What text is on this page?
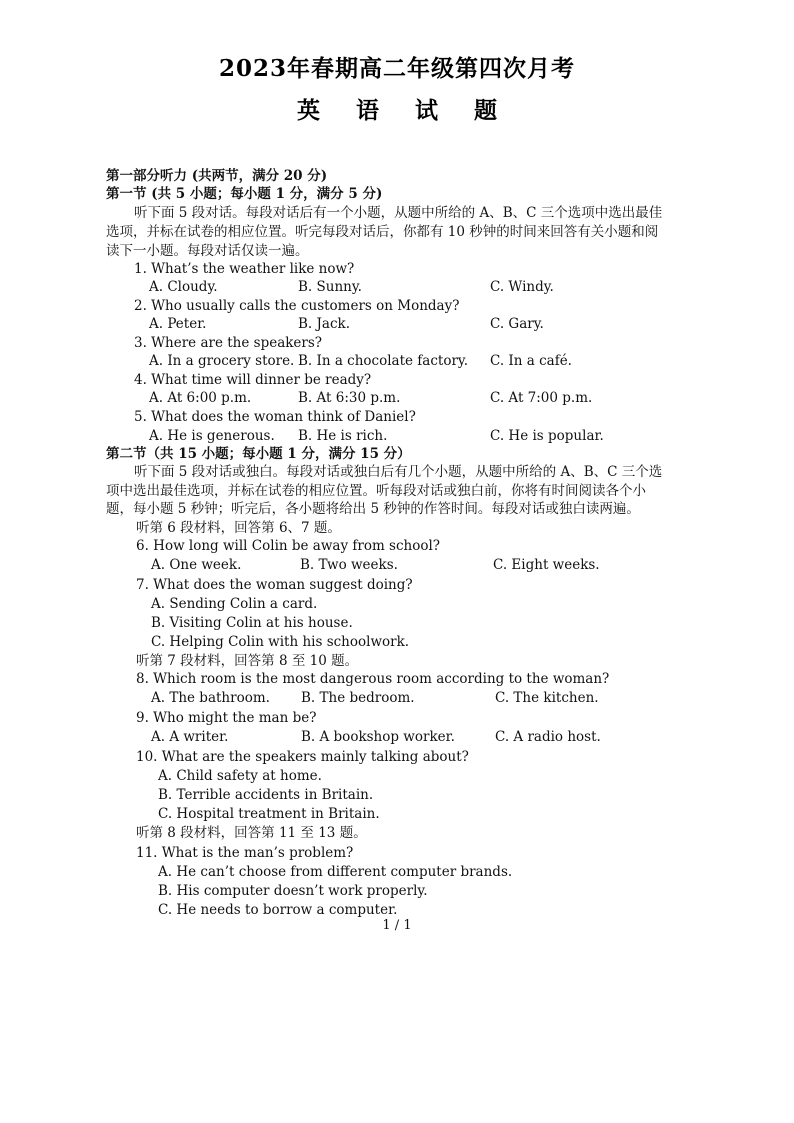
2023年春期高二年级第四次月考
英 语 试 题
第一部分听力 (共两节，满分 20 分)
第一节 (共 5 小题；每小题 1 分，满分 5 分)
听下面 5 段对话。每段对话后有一个小题，从题中所给的 A、B、C 三个选项中选出最佳
选项，并标在试卷的相应位置。听完每段对话后，你都有 10 秒钟的时间来回答有关小题和阅
读下一小题。每段对话仅读一遍。
1. What’s the weather like now?
A. Cloudy.	B. Sunny.	C. Windy.
2. Who usually calls the customers on Monday?
A. Peter.	B. Jack.	C. Gary.
3. Where are the speakers?
A. In a grocery store. B. In a chocolate factory. C. In a café.
4. What time will dinner be ready?
A. At 6:00 p.m.	B. At 6:30 p.m.	C. At 7:00 p.m.
5. What does the woman think of Daniel?
A. He is generous. B. He is rich.	C. He is popular.
第二节（共 15 小题；每小题 1 分，满分 15 分）
听下面 5 段对话或独白。每段对话或独白后有几个小题，从题中所给的 A、B、C 三个选
项中选出最佳选项，并标在试卷的相应位置。听每段对话或独白前，你将有时间阅读各个小
题，每小题 5 秒钟；听完后，各小题将给出 5 秒钟的作答时间。每段对话或独白读两遍。
听第 6 段材料，回答第 6、7 题。
6. How long will Colin be away from school?
A. One week.	B. Two weeks.	C. Eight weeks.
7. What does the woman suggest doing?
A. Sending Colin a card.
B. Visiting Colin at his house.
C. Helping Colin with his schoolwork.
听第 7 段材料，回答第 8 至 10 题。
8. Which room is the most dangerous room according to the woman?
A. The bathroom. B. The bedroom.	C. The kitchen.
9. Who might the man be?
A. A writer.	B. A bookshop worker.	C. A radio host.
10. What are the speakers mainly talking about?
A. Child safety at home.
B. Terrible accidents in Britain.
C. Hospital treatment in Britain.
听第 8 段材料，回答第 11 至 13 题。
11. What is the man’s problem?
A. He can’t choose from different computer brands.
B. His computer doesn’t work properly.
C. He needs to borrow a computer.
1 / 1
